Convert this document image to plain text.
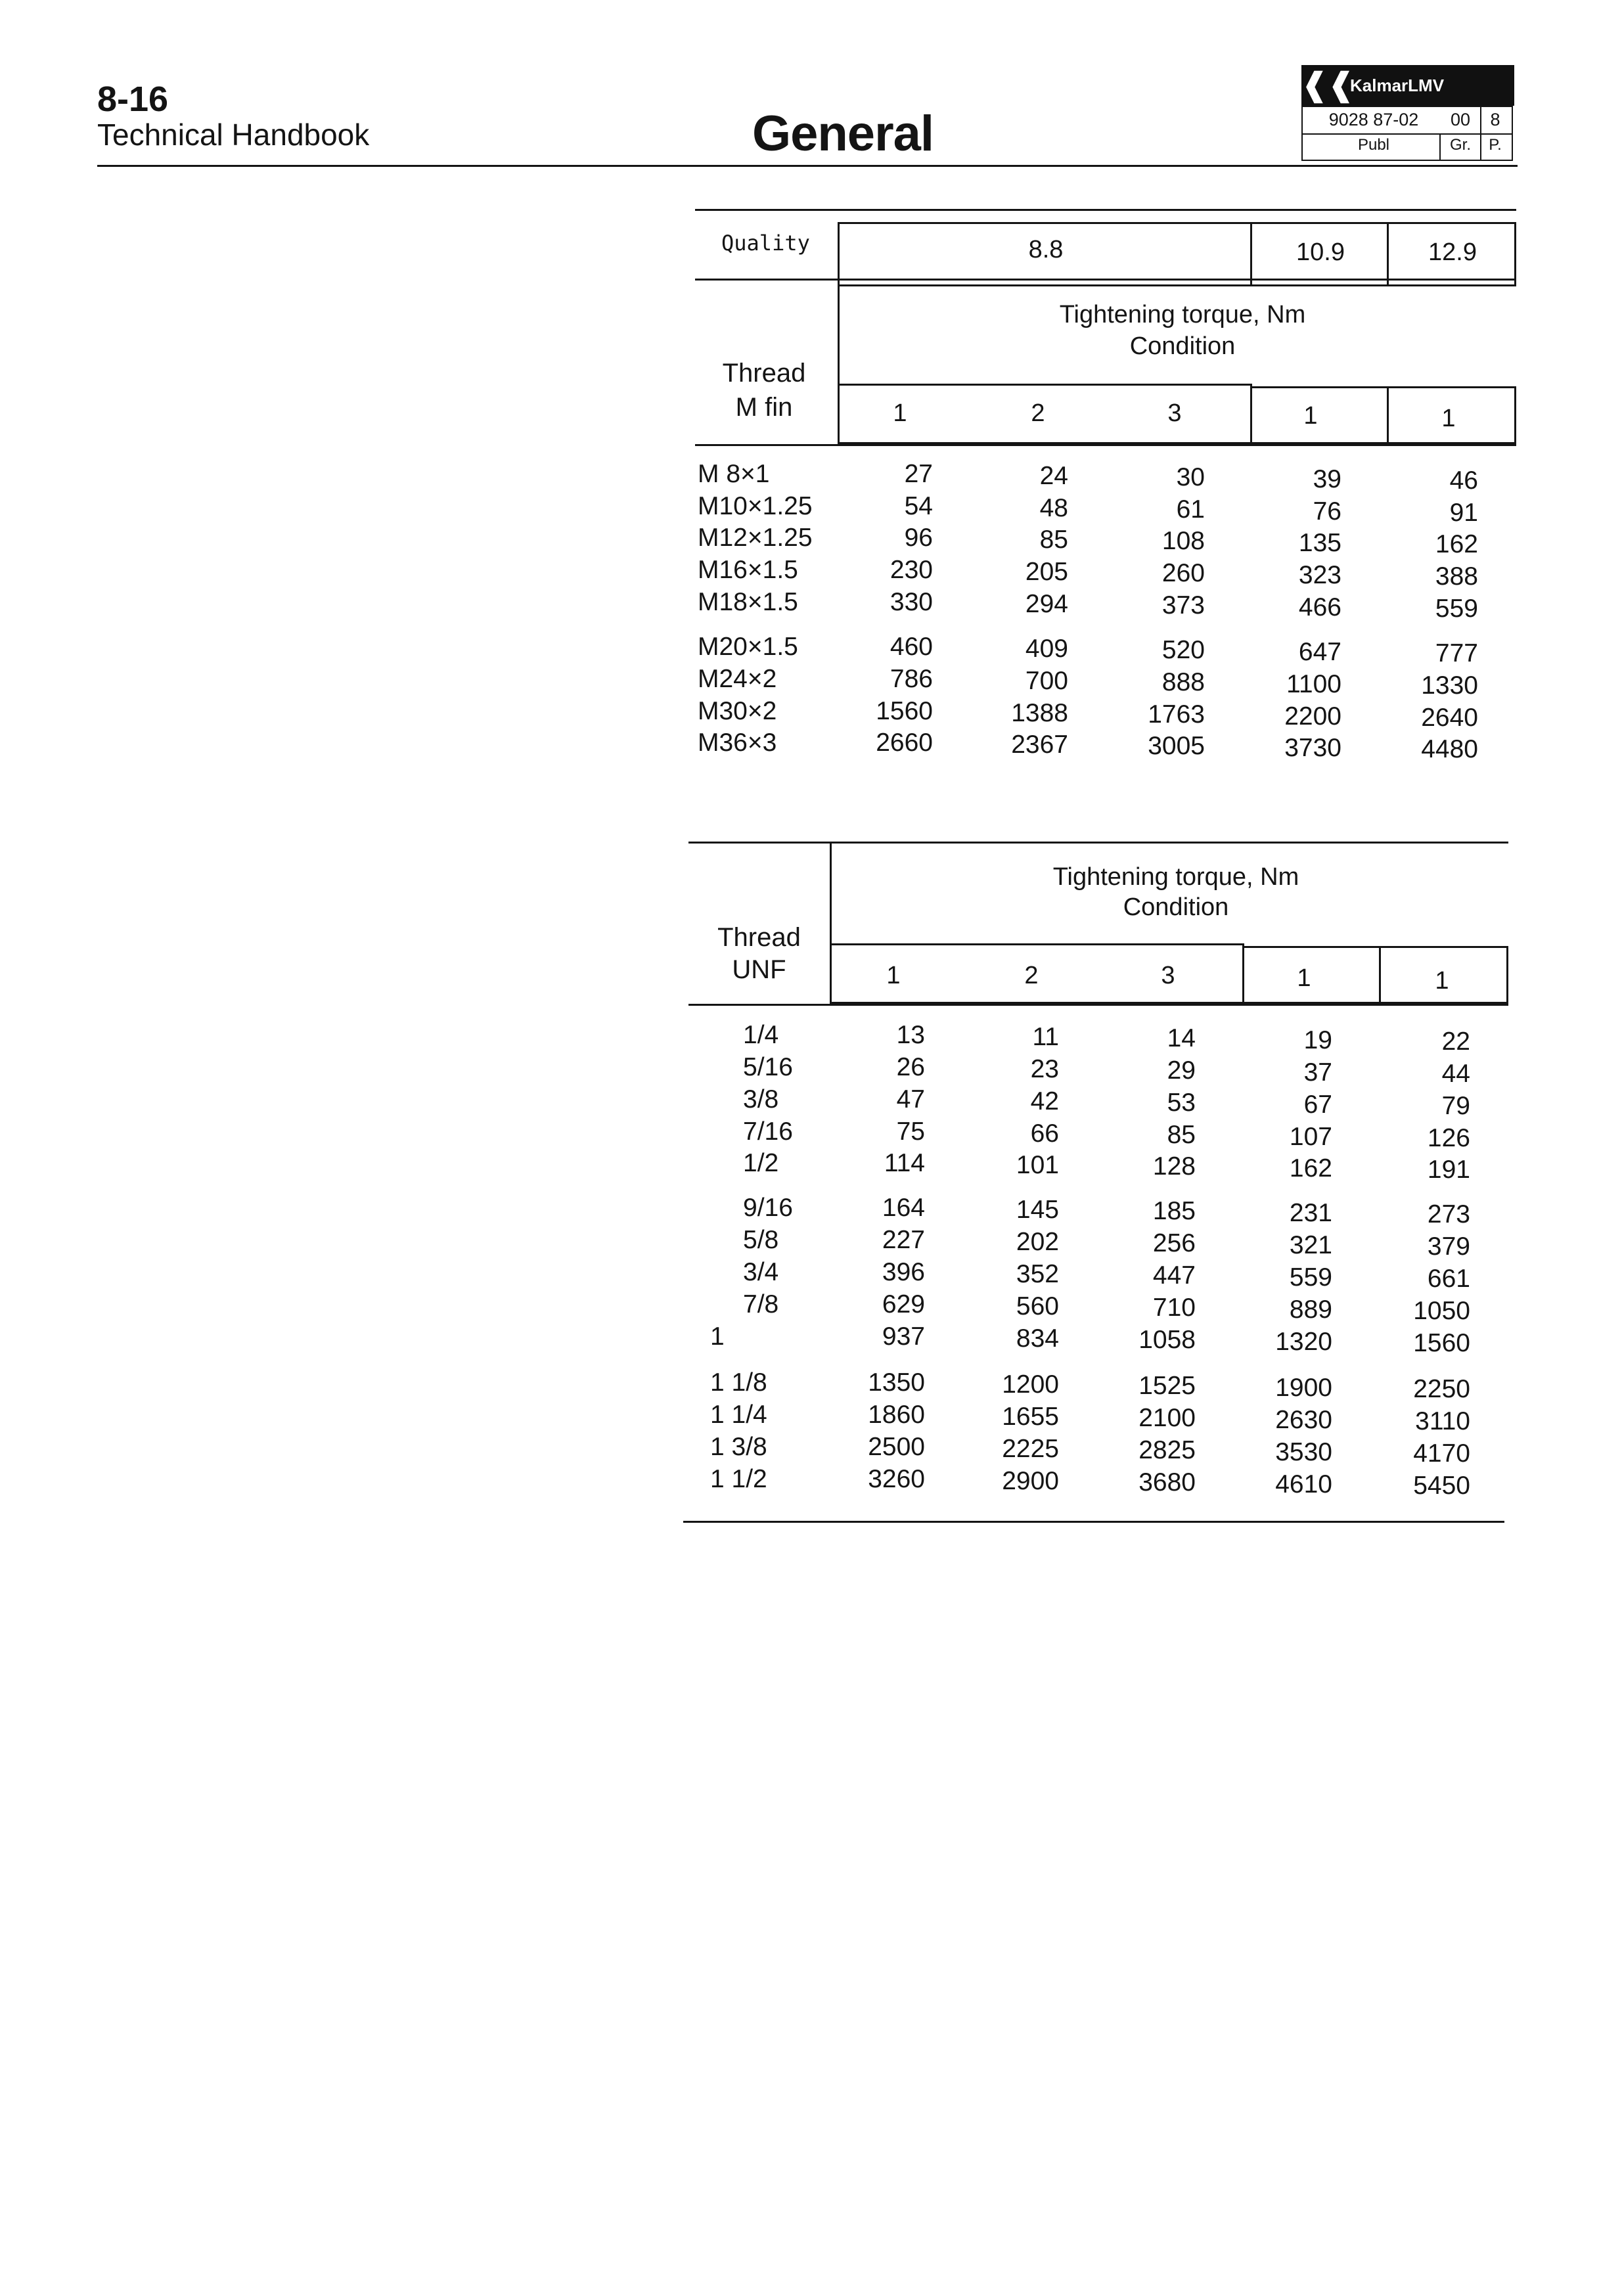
8-16
Technical Handbook	General
❰❰
KalmarLMV
9028 87-02	00	8
Publ	Gr.	P.
Quality	8.8	10.9	12.9
Tightening torque, Nm
Condition
Thread
M fin	1	2	3	1	1
M 8×1	27	24	30	39	46
M10×1.25	54	48	61	76	91
M12×1.25	96	85	108	135	162
M16×1.5	230	205	260	323	388
M18×1.5	330	294	373	466	559
M20×1.5	460	409	520	647	777
M24×2	786	700	888	1100	1330
M30×2	1560	1388	1763	2200	2640
M36×3	2660	2367	3005	3730	4480
Tightening torque, Nm
Condition
Thread
UNF	1	2	3	1	1
1/4	13	11	14	19	22
5/16	26	23	29	37	44
3/8	47	42	53	67	79
7/16	75	66	85	107	126
1/2	114	101	128	162	191
9/16	164	145	185	231	273
5/8	227	202	256	321	379
3/4	396	352	447	559	661
7/8	629	560	710	889	1050
1	937	834	1058	1320	1560
1 1/8	1350	1200	1525	1900	2250
1 1/4	1860	1655	2100	2630	3110
1 3/8	2500	2225	2825	3530	4170
1 1/2	3260	2900	3680	4610	5450
